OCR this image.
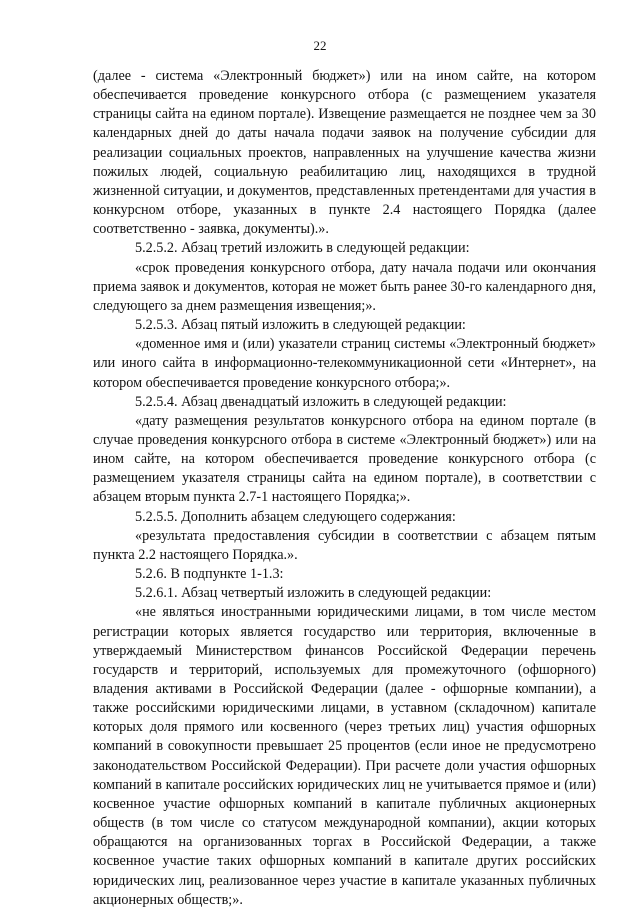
22

(далее - система «Электронный бюджет») или на ином сайте, на котором обеспечивается проведение конкурсного отбора (с размещением указателя страницы сайта на едином портале). Извещение размещается не позднее чем за 30 календарных дней до даты начала подачи заявок на получение субсидии для реализации социальных проектов, направленных на улучшение качества жизни пожилых людей, социальную реабилитацию лиц, находящихся в трудной жизненной ситуации, и документов, представленных претендентами для участия в конкурсном отборе, указанных в пункте 2.4 настоящего Порядка (далее соответственно - заявка, документы).».

5.2.5.2. Абзац третий изложить в следующей редакции:

«срок проведения конкурсного отбора, дату начала подачи или окончания приема заявок и документов, которая не может быть ранее 30-го календарного дня, следующего за днем размещения извещения;».

5.2.5.3. Абзац пятый изложить в следующей редакции:

«доменное имя и (или) указатели страниц системы «Электронный бюджет» или иного сайта в информационно-телекоммуникационной сети «Интернет», на котором обеспечивается проведение конкурсного отбора;».

5.2.5.4. Абзац двенадцатый изложить в следующей редакции:

«дату размещения результатов конкурсного отбора на едином портале (в случае проведения конкурсного отбора в системе «Электронный бюджет») или на ином сайте, на котором обеспечивается проведение конкурсного отбора (с размещением указателя страницы сайта на едином портале), в соответствии с абзацем вторым пункта 2.7-1 настоящего Порядка;».

5.2.5.5. Дополнить абзацем следующего содержания:

«результата предоставления субсидии в соответствии с абзацем пятым пункта 2.2 настоящего Порядка.».

5.2.6. В подпункте 1-1.3:

5.2.6.1. Абзац четвертый изложить в следующей редакции:

«не являться иностранными юридическими лицами, в том числе местом регистрации которых является государство или территория, включенные в утверждаемый Министерством финансов Российской Федерации перечень государств и территорий, используемых для промежуточного (офшорного) владения активами в Российской Федерации (далее - офшорные компании), а также российскими юридическими лицами, в уставном (складочном) капитале которых доля прямого или косвенного (через третьих лиц) участия офшорных компаний в совокупности превышает 25 процентов (если иное не предусмотрено законодательством Российской Федерации). При расчете доли участия офшорных компаний в капитале российских юридических лиц не учитывается прямое и (или) косвенное участие офшорных компаний в капитале публичных акционерных обществ (в том числе со статусом международной компании), акции которых обращаются на организованных торгах в Российской Федерации, а также косвенное участие таких офшорных компаний в капитале других российских юридических лиц, реализованное через участие в капитале указанных публичных акционерных обществ;».
